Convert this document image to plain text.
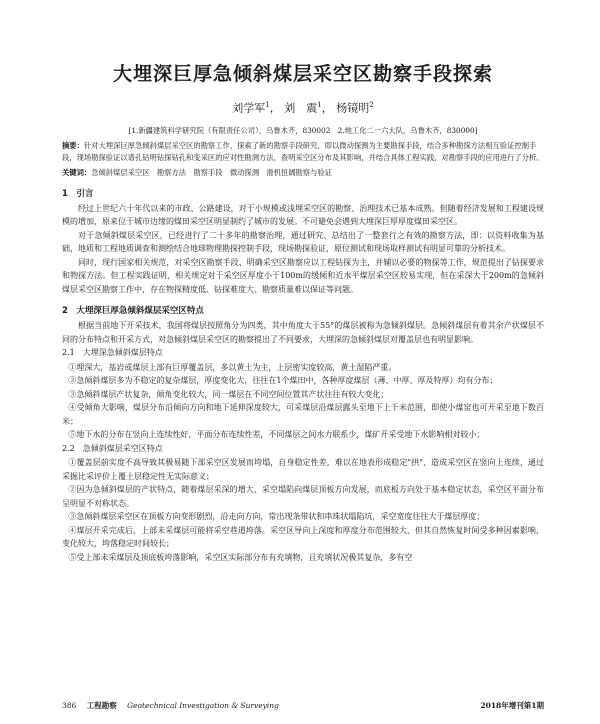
大埋深巨厚急倾斜煤层采空区勘察手段探索
刘学军$^1$， 刘　震$^1$， 杨镜明$^2$
[1.新疆建筑科学研究院（有限责任公司），乌鲁木齐，830002　2.地工化二一六大队，乌鲁木齐，830000]
摘要：针对大埋深巨厚急倾斜煤层采空区的勘察工作，探索了新的勘察手段研究，即以微动探测为主要勘探手段，结合多种勘探方法相互验证控制手段，现场勘探验证以谱孔钻明钻探钻孔和变采区的应对性勘测方法，查明采空区分布及其影响，并结合具体工程实践，对勘察手段的应用进行了分析。
关键词：急倾斜煤层采空区　勘察方法　勘察手段　微动探测　滑机扭阔勘察与验证
1　引言

经过上世纪六十年代以来的市政、公路建设，对于小规模或浅埋采空区的勘察、治理技术已基本成熟。但随着经济发展和工程建设规模的增加，原来位于城市边缘的煤田采空区明显制约了城市的发展。不可避免会遇到大埋深巨厚厚度煤田采空区。

对于急倾斜煤层采空区，已经进行了二十多年的勘察治理，通过研究、总结出了一整套行之有效的勘察方法，即：以资料收集为基础，地质和工程地质调查和测绘结合地球物理勘探控制手段，现场勘探验证，原位测试和现场取样测试有明显可靠的分析技术。

同时，现行国家相关规范，对采空区勘察手段、明确采空区勘察应以工程钻探为主，并辅以必要的物探等工作，规范提出了钻探要求和物探方法。但工程实践证明，相关规定对于采空区厚度小于100m的缓倾和近水平煤层采空区较易实现，但在采深大于200m的急倾斜煤层采空区勘察工作中，存在物探精度低、钻探难度大、勘察质量难以保证等问题。

2　大埋深巨厚急倾斜煤层采空区特点

根据当前地下开采技术，我国将煤层按照角分为四类，其中角度大于55°的煤层被称为急倾斜煤层。急倾斜煤层有着其余产状煤层不同的分布特点和开采方式，对急倾斜煤层采空区的勘察提出了不同要求，大埋深的急倾斜煤层对覆盖层也有明显影响。

2.1　大埋深急倾斜煤层特点

①埋深大，基岩或煤层上部有巨厚覆盖层，多以黄土为主，上层密实度较高，黄土湿陷严重。

②急倾斜煤层多为不稳定的复杂煤层，厚度变化大，往往在1个煤田中，各种厚度煤层（薄、中厚、厚及特厚）均有分布；

③急倾斜煤层产状复杂，倾角变化较大，同一煤层在不同空间位置其产状往往有较大变化；

④受倾角大影响，煤层分布沿倾向方向和地下延伸深度较大，可采煤层沿煤层露头至地下上千米范围，即使小煤窑也可开采至地下数百米；

⑤地下水的分布在竖向上连续性好，平面分布连续性差，不同煤层之间水力联系少，煤矿开采受地下水影响相对较小；

2.2　急倾斜煤层采空区特点

①覆盖层前实度不高导致其极易随下部采空区发展而垮塌，自身稳定性差，难以在地表形成稳定"拱"，造成采空区在竖向上连续，通过采掘比采评价上覆土层稳定性无实际意义；

②因为急倾斜煤层的产状特点，随着煤层采深的增大，采空塌陷向煤层顶板方向发展，而底板方向处于基本稳定状态，采空区平面分布呈明显不对称状态。

③急倾斜煤层采空区在顶板方向变形剧烈，沿走向方向，常出现条带状和串珠状塌陷坑，采空宽度往往大于煤层厚度；

④煤层开采完成后，上部未采煤层可能将采空巷道垮落。采空区导向上深度和厚度分布范围较大，但其自然恢复时间受多种因素影响，变化较大，垮落稳定时间较长；

⑤受上部未采煤层及顶底板垮落影响，采空区实际部分布有充填物，且充填状况极其复杂，多有空

386 工程勘察 Geotechnical Investigation & Surveying	2018年增刊第1期
